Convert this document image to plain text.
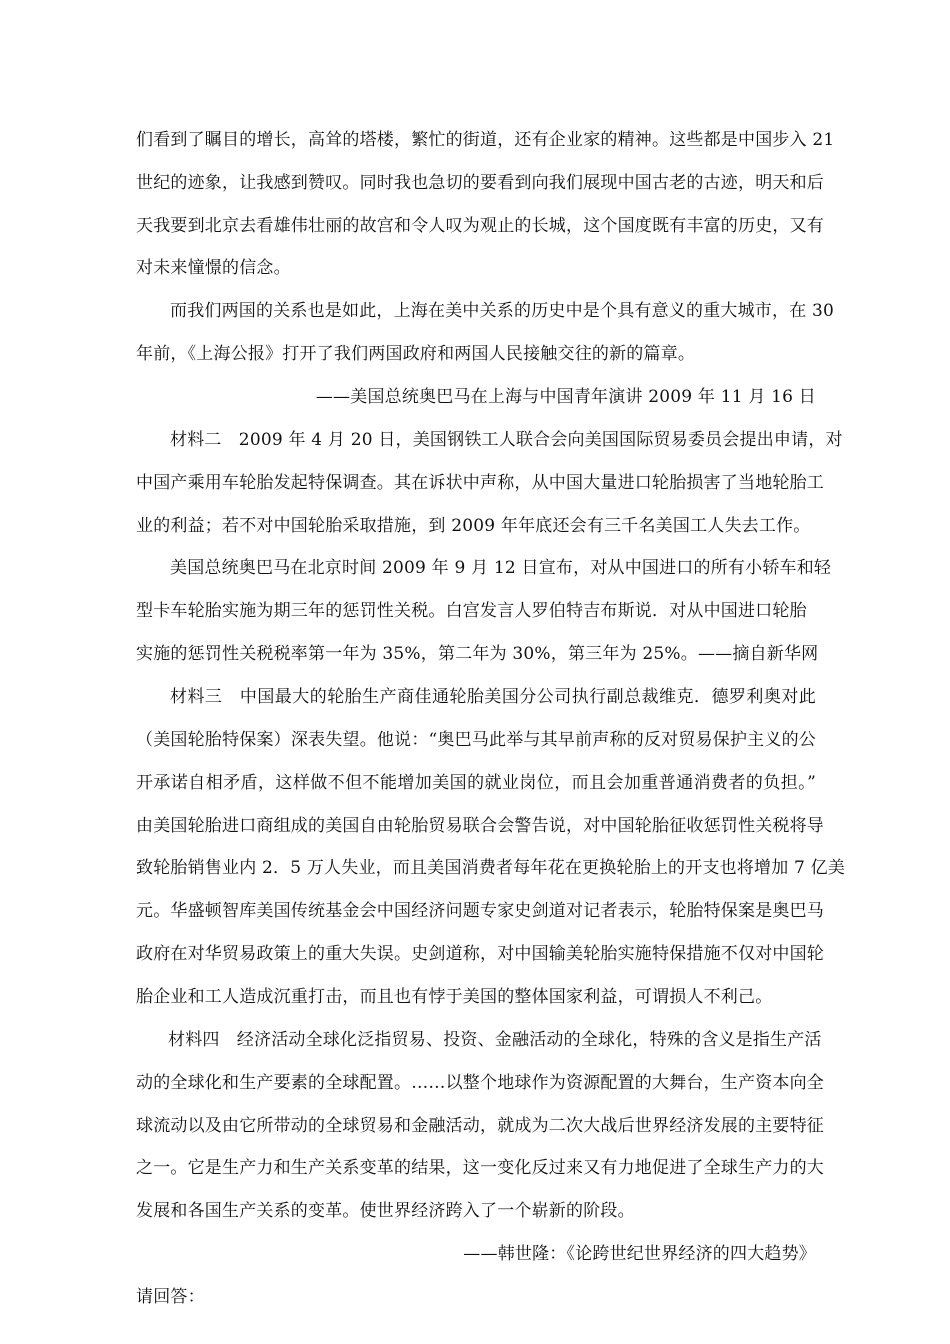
们看到了瞩目的增长，高耸的塔楼，繁忙的街道，还有企业家的精神。这些都是中国步入 21
世纪的迹象，让我感到赞叹。同时我也急切的要看到向我们展现中国古老的古迹，明天和后
天我要到北京去看雄伟壮丽的故宫和令人叹为观止的长城，这个国度既有丰富的历史，又有
对未来憧憬的信念。
而我们两国的关系也是如此，上海在美中关系的历史中是个具有意义的重大城市，在 30
年前，《上海公报》打开了我们两国政府和两国人民接触交往的新的篇章。
——美国总统奥巴马在上海与中国青年演讲 2009 年 11 月 16 日
材料二　2009 年 4 月 20 日，美国钢铁工人联合会向美国国际贸易委员会提出申请，对
中国产乘用车轮胎发起特保调查。其在诉状中声称，从中国大量进口轮胎损害了当地轮胎工
业的利益；若不对中国轮胎采取措施，到 2009 年年底还会有三千名美国工人失去工作。
美国总统奥巴马在北京时间 2009 年 9 月 12 日宣布，对从中国进口的所有小轿车和轻
型卡车轮胎实施为期三年的惩罚性关税。白宫发言人罗伯特吉布斯说．对从中国进口轮胎
实施的惩罚性关税税率第一年为 35%，第二年为 30%，第三年为 25%。——摘自新华网
材料三　中国最大的轮胎生产商佳通轮胎美国分公司执行副总裁维克．德罗利奥对此
（美国轮胎特保案）深表失望。他说：“奥巴马此举与其早前声称的反对贸易保护主义的公
开承诺自相矛盾，这样做不但不能增加美国的就业岗位，而且会加重普通消费者的负担。”
由美国轮胎进口商组成的美国自由轮胎贸易联合会警告说，对中国轮胎征收惩罚性关税将导
致轮胎销售业内 2．5 万人失业，而且美国消费者每年花在更换轮胎上的开支也将增加 7 亿美
元。华盛顿智库美国传统基金会中国经济问题专家史剑道对记者表示，轮胎特保案是奥巴马
政府在对华贸易政策上的重大失误。史剑道称，对中国输美轮胎实施特保措施不仅对中国轮
胎企业和工人造成沉重打击，而且也有悖于美国的整体国家利益，可谓损人不利己。
材料四　经济活动全球化泛指贸易、投资、金融活动的全球化，特殊的含义是指生产活
动的全球化和生产要素的全球配置。……以整个地球作为资源配置的大舞台，生产资本向全
球流动以及由它所带动的全球贸易和金融活动，就成为二次大战后世界经济发展的主要特征
之一。它是生产力和生产关系变革的结果，这一变化反过来又有力地促进了全球生产力的大
发展和各国生产关系的变革。使世界经济跨入了一个崭新的阶段。
——韩世隆：《论跨世纪世界经济的四大趋势》
请回答：
